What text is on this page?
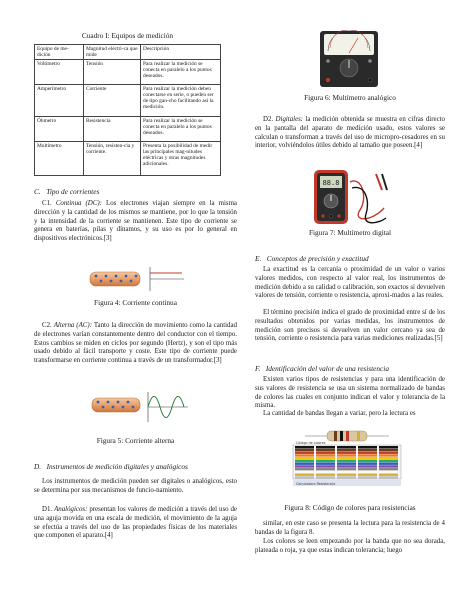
Cuadro I: Equipos de medición
Equipo de me-dición	Magnitud eléctri-ca que mide	Descripción
Voltímetro	Tensión	Para realizar la medición se conecta en paralelo a los puntos deseados.
Amperímetro	Corriente	Para realizar la medición deben conectarse en serie, o pueden ser de tipo gan-cho facilitando así la medición.
Óhmetro	Resistencia	Para realizar la medición se conecta en paralelo a los puntos deseados.
Multímetro	Tensión, resisten-cia y corriente.	Presenta la posibilidad de medir las principales mag-nitudes eléctricas y otras magnitudes adicionales.
C. Tipo de corrientes
C1. Continua (DC): Los electrones viajan siempre en la misma dirección y la cantidad de los mismos se mantiene, por lo que la tensión y la intensidad de la corriente se mantienen. Este tipo de corriente se genera en baterías, pilas y dínamos, y su uso es por lo general en dispositivos electrónicos.[3]
Figura 4: Corriente continua
C2. Alterna (AC): Tanto la dirección de movimiento como la cantidad de electrones varían constantemente dentro del conductor con el tiempo. Estos cambios se miden en ciclos por segundo (Hertz), y son el tipo más usado debido al fácil transporte y coste. Este tipo de corriente puede transformarse en corriente continua a través de un transformador.[3]
Figura 5: Corriente alterna
D. Instrumentos de medición digitales y analógicos
Los instrumentos de medición pueden ser digitales o analógicos, esto se determina por sus mecanismos de funcio-namiento.
D1. Analógicos: presentan los valores de medición a través del uso de una aguja movida en una escala de medición, el movimiento de la aguja se efectúa a través del uso de las propiedades físicas de los materiales que componen el aparato.[4]
Figura 6: Multímetro analógico
D2. Digitales: la medición obtenida se muestra en cifras directo en la pantalla del aparato de medición usado, estos valores se calculan o transforman a través del uso de micropro-cesadores en su interior, volviéndolos útiles debido al tamaño que poseen.[4]
88.8
Figura 7: Multímetro digital
E. Conceptos de precisión y exactitud
La exactitud es la cercanía o proximidad de un valor o varios valores medidos, con respecto al valor real, los instrumentos de medición debido a su calidad o calibración, son exactos si devuelven valores de tensión, corriente o resistencia, aproxi-mados a las reales.
El término precisión indica el grado de proximidad entre sí de los resultados obtenidos por varias medidas, los instrumentos de medición son precisos si devuelven un valor cercano ya sea de tensión, corriente o resistencia para varias mediciones realizadas.[5]
F. Identificación del valor de una resistencia
Existen varios tipos de resistencias y para una identificación de sus valores de resistencia se usa un sistema normalizado de bandas de colores las cuales en conjunto indican el valor y tolerancia de la misma.
La cantidad de bandas llegan a variar, pero la lectura es
Calculadora Resistencia
Código de colores
Figura 8: Código de colores para resistencias
similar, en este caso se presenta la lectura para la resistencia de 4 bandas de la figura 8.
Los colores se leen empezando por la banda que no sea dorada, plateada o roja, ya que estas indican tolerancia; luego
